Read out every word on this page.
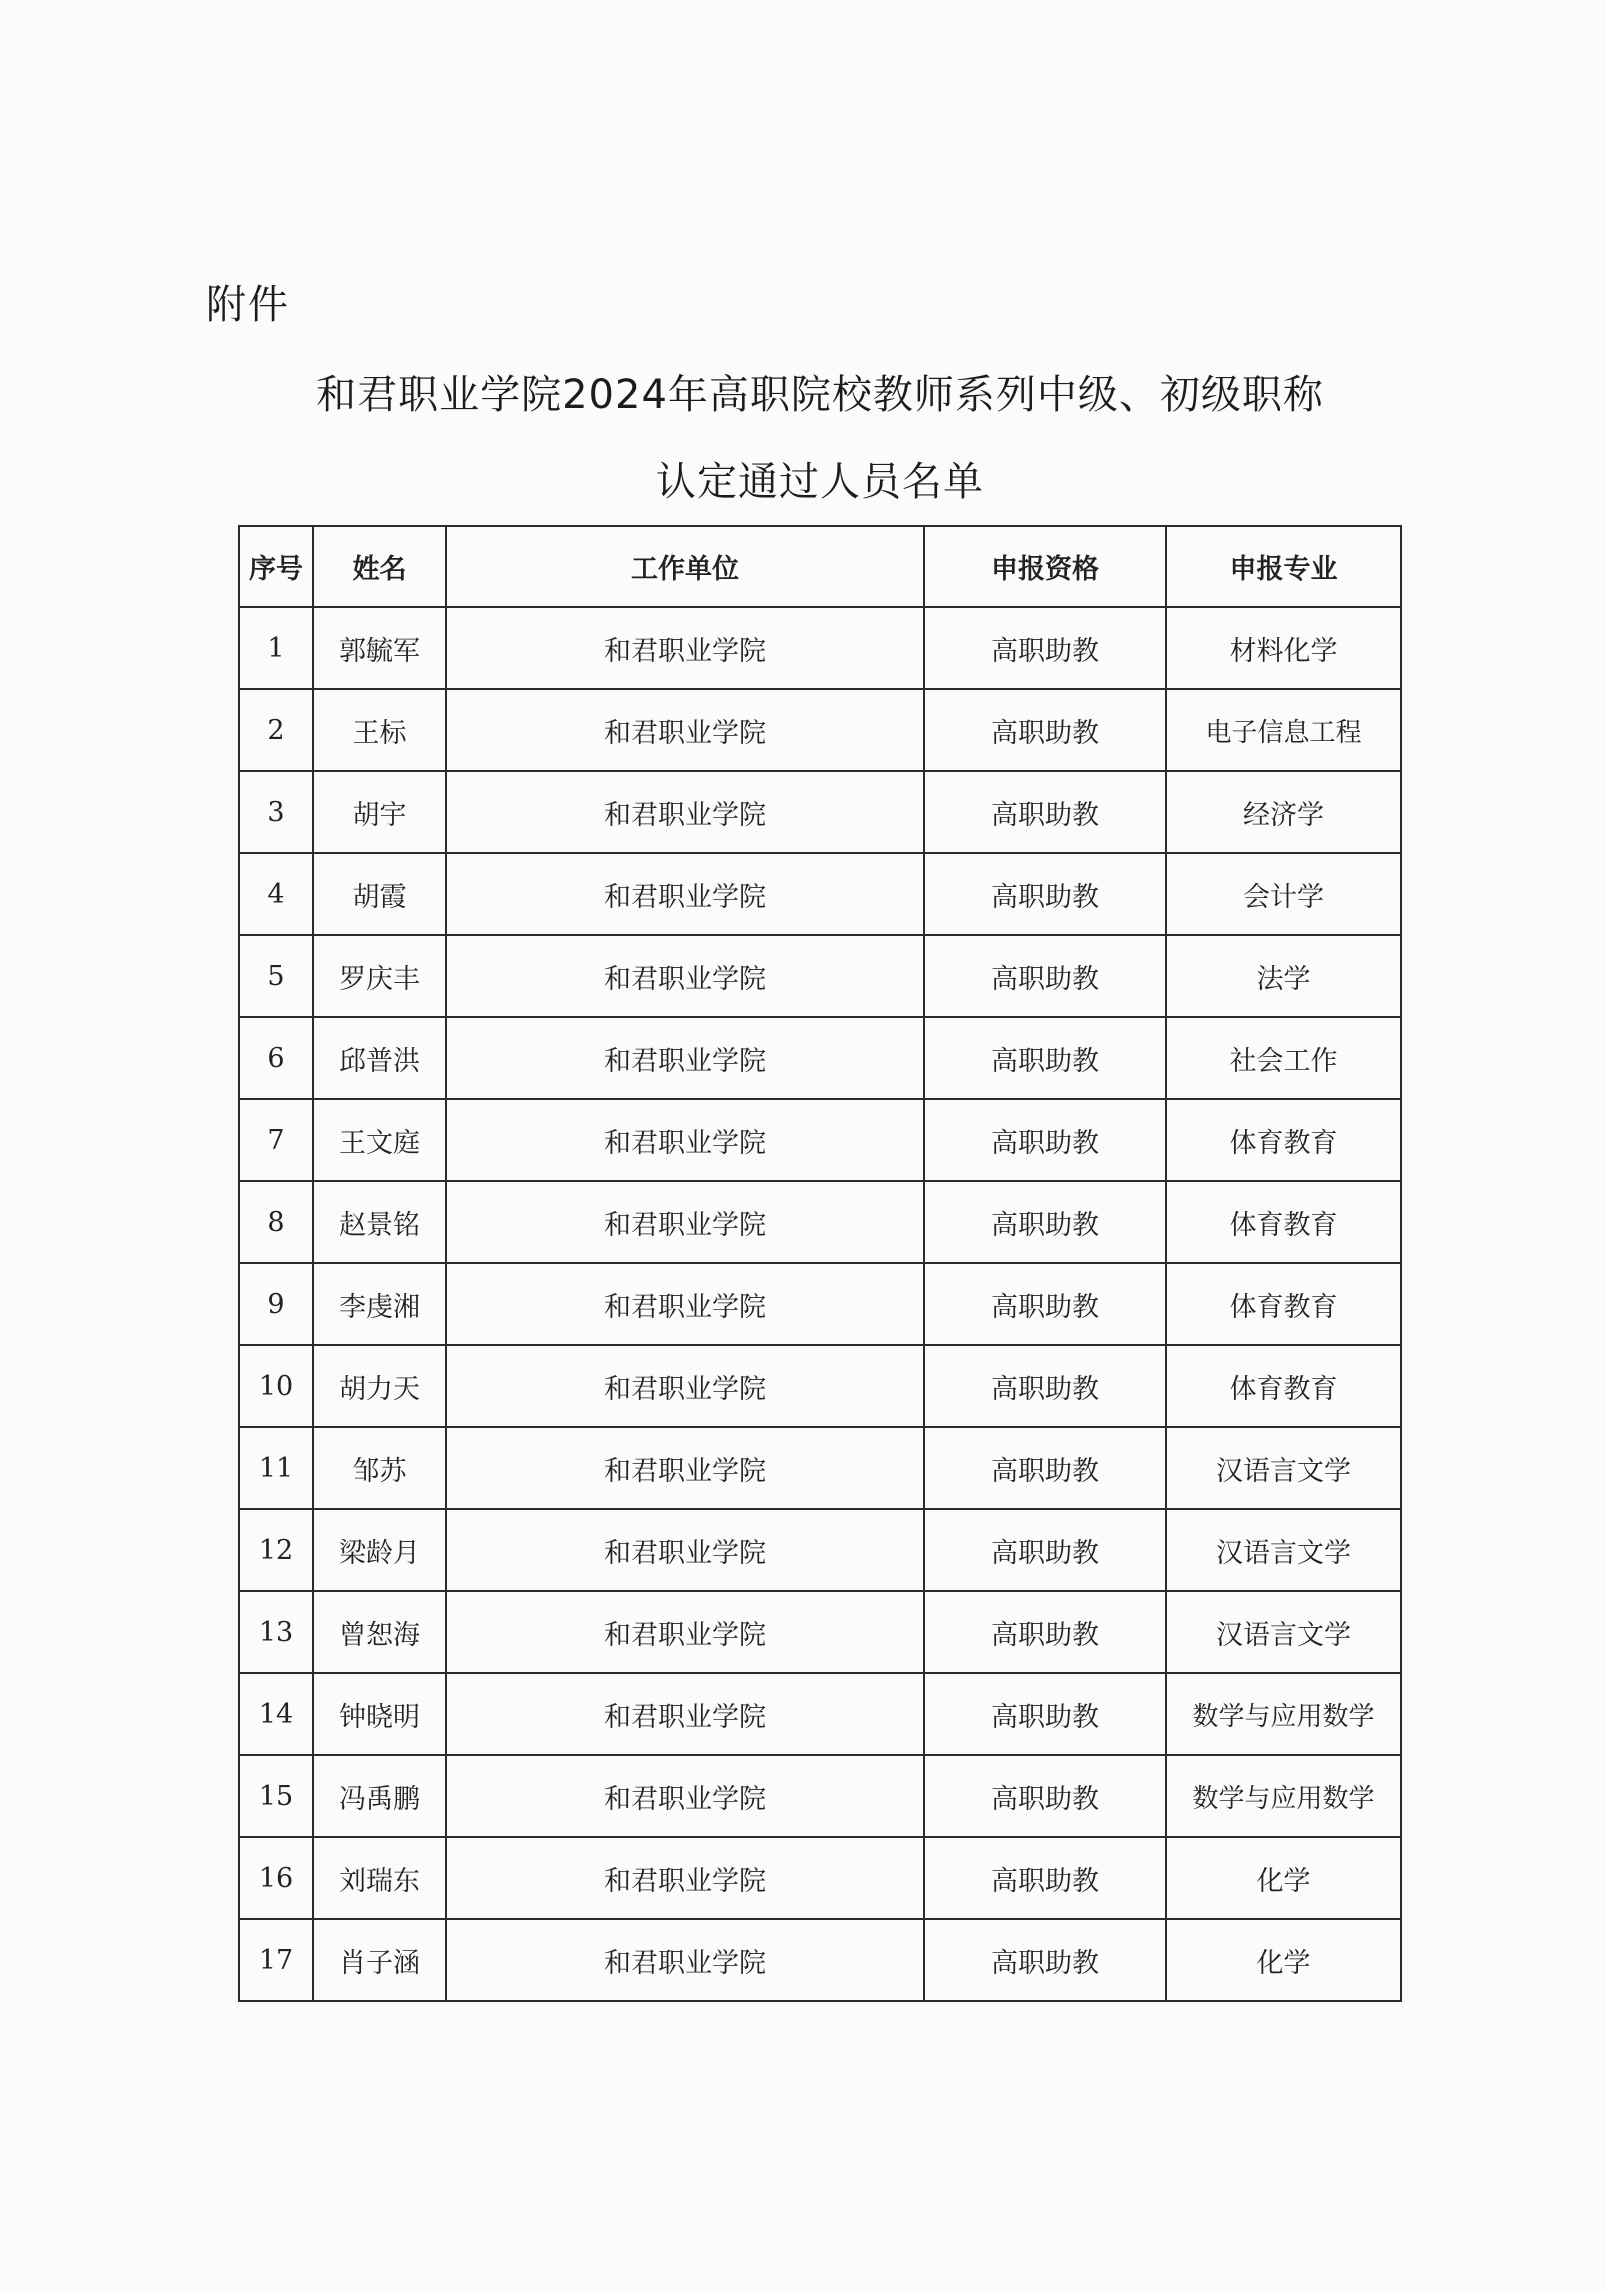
附件
和君职业学院2024年高职院校教师系列中级、初级职称
认定通过人员名单
序号	姓名	工作单位	申报资格	申报专业
1	郭毓军	和君职业学院	高职助教	材料化学
2	王标	和君职业学院	高职助教	电子信息工程
3	胡宇	和君职业学院	高职助教	经济学
4	胡霞	和君职业学院	高职助教	会计学
5	罗庆丰	和君职业学院	高职助教	法学
6	邱普洪	和君职业学院	高职助教	社会工作
7	王文庭	和君职业学院	高职助教	体育教育
8	赵景铭	和君职业学院	高职助教	体育教育
9	李虔湘	和君职业学院	高职助教	体育教育
10	胡力天	和君职业学院	高职助教	体育教育
11	邹苏	和君职业学院	高职助教	汉语言文学
12	梁龄月	和君职业学院	高职助教	汉语言文学
13	曾恕海	和君职业学院	高职助教	汉语言文学
14	钟晓明	和君职业学院	高职助教	数学与应用数学
15	冯禹鹏	和君职业学院	高职助教	数学与应用数学
16	刘瑞东	和君职业学院	高职助教	化学
17	肖子涵	和君职业学院	高职助教	化学
